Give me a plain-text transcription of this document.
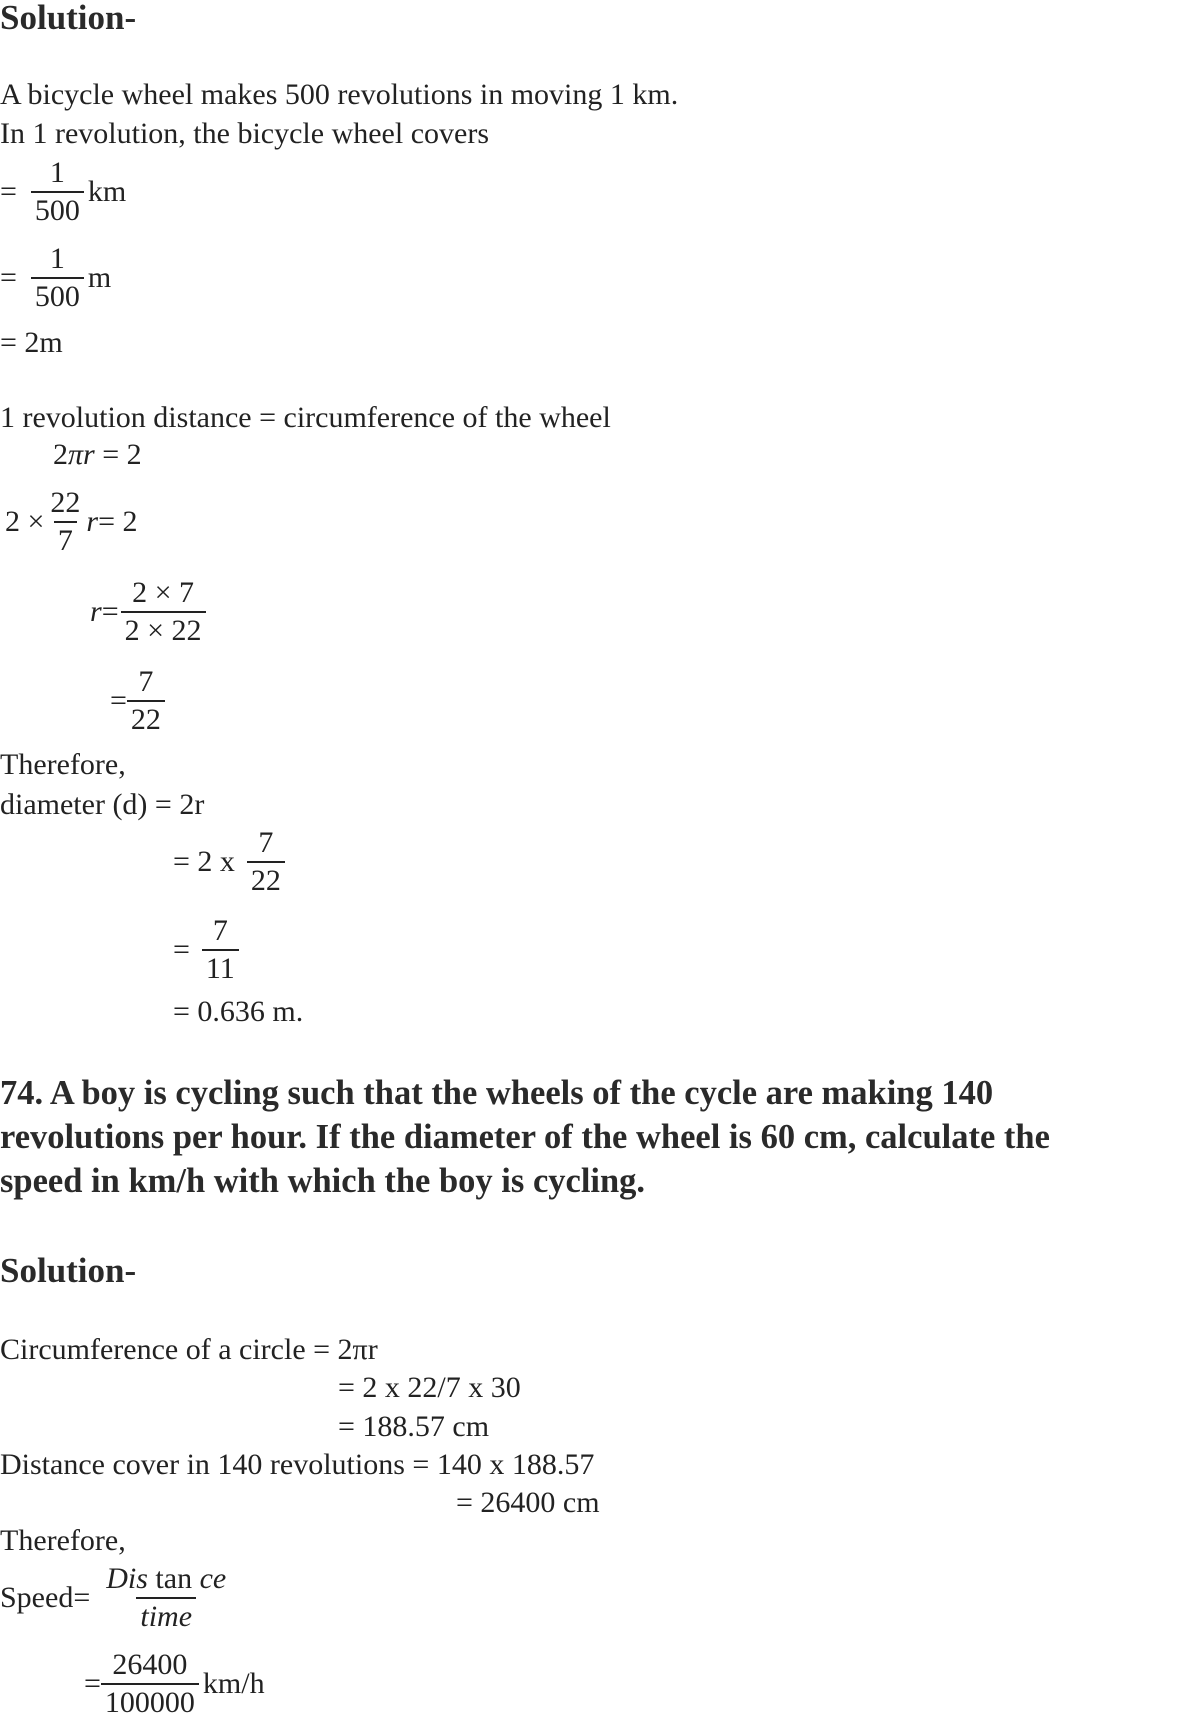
Solution-
A bicycle wheel makes 500 revolutions in moving 1 km.
In 1 revolution, the bicycle wheel covers
= $\frac{1}{500}$ km
= $\frac{1}{500}$ m
= 2m
1 revolution distance = circumference of the wheel
2πr = 2
$2 \times \frac{22}{7}$ r = 2
$r = \frac{2 \times 7}{2 \times 22}$
= $\frac{7}{22}$
Therefore,
diameter (d) = 2r
= 2 x $\frac{7}{22}$
= $\frac{7}{11}$
= 0.636 m.
74. A boy is cycling such that the wheels of the cycle are making 140
revolutions per hour. If the diameter of the wheel is 60 cm, calculate the
speed in km/h with which the boy is cycling.
Solution-
Circumference of a circle = 2πr
= 2 x 22/7 x 30
= 188.57 cm
Distance cover in 140 revolutions = 140 x 188.57
= 26400 cm
Therefore,
Speed= $\frac{\text{Dis tan ce}}{\text{time}}$
= $\frac{26400}{100000} km/h$
